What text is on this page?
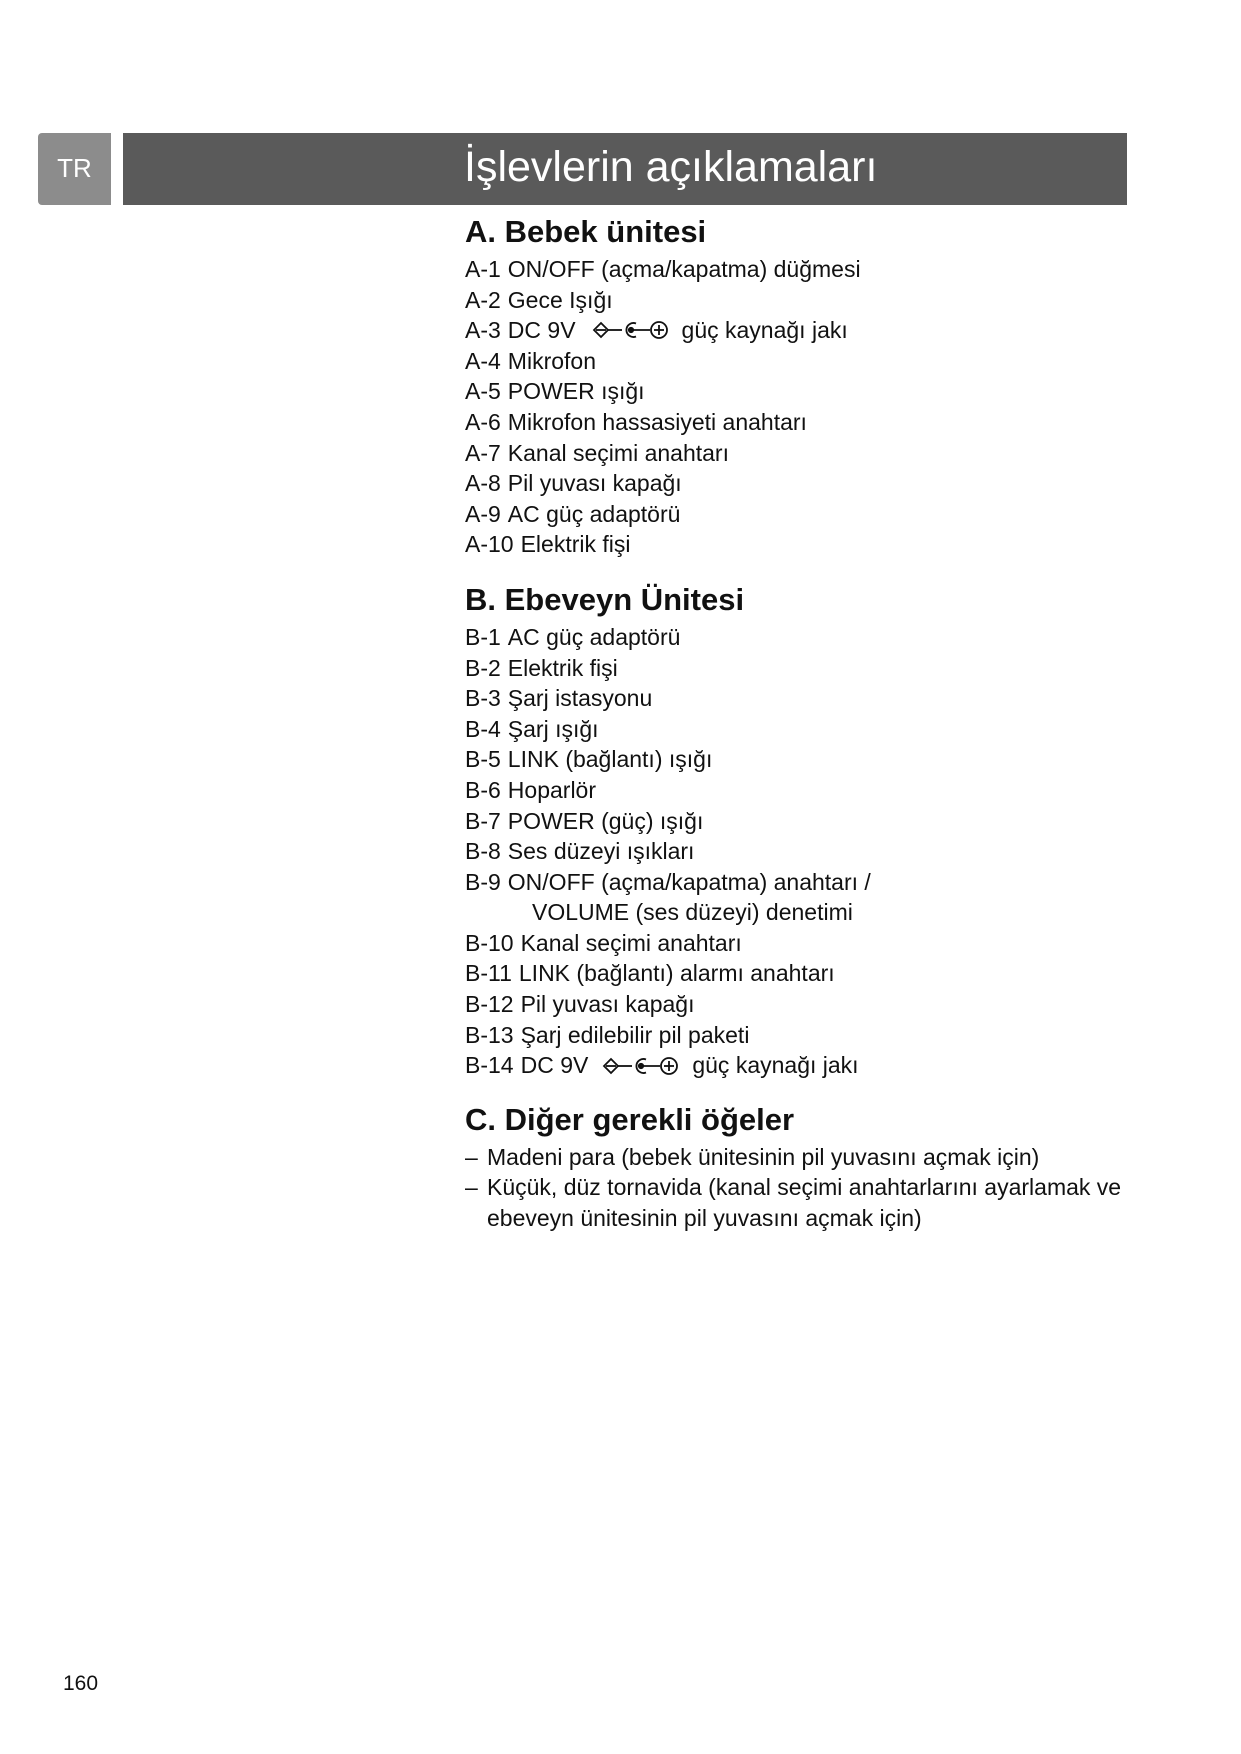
TR	İşlevlerin açıklamaları
A. Bebek ünitesi
A-1 ON/OFF (açma/kapatma) düğmesi
A-2 Gece Işığı
A-3 DC 9V	güç kaynağı jakı
A-4 Mikrofon
A-5 POWER ışığı
A-6 Mikrofon hassasiyeti anahtarı
A-7 Kanal seçimi anahtarı
A-8 Pil yuvası kapağı
A-9 AC güç adaptörü
A-10 Elektrik fişi
B. Ebeveyn Ünitesi
B-1 AC güç adaptörü
B-2 Elektrik fişi
B-3 Şarj istasyonu
B-4 Şarj ışığı
B-5 LINK (bağlantı) ışığı
B-6 Hoparlör
B-7 POWER (güç) ışığı
B-8 Ses düzeyi ışıkları
B-9 ON/OFF (açma/kapatma) anahtarı /
VOLUME (ses düzeyi) denetimi
B-10 Kanal seçimi anahtarı
B-11 LINK (bağlantı) alarmı anahtarı
B-12 Pil yuvası kapağı
B-13 Şarj edilebilir pil paketi
B-14 DC 9V	güç kaynağı jakı
C. Diğer gerekli öğeler
– Madeni para (bebek ünitesinin pil yuvasını açmak için)
– Küçük, düz tornavida (kanal seçimi anahtarlarını ayarlamak ve
ebeveyn ünitesinin pil yuvasını açmak için)
160
